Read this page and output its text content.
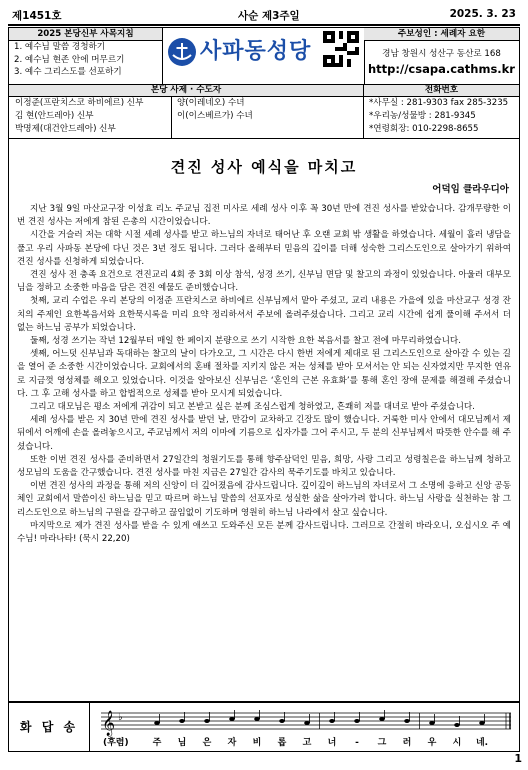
제1451호	사순 제3주일	2025. 3. 23
2025 본당신부 사목지침
1. 예수님 말씀 경청하기
2. 예수님 현존 안에 머무르기
3. 예수 그리스도를 선포하기
사파동성당
주보성인 : 세례자 요한
경남 창원시 성산구 동산로 168
http://csapa.cathms.kr
본당 사제 · 수도자	전화번호
이정준(프란치스코 하비에르) 신부
김 현(안드레아) 신부
박명제(대건안드레아) 신부
양(이레네오) 수녀
이(이스베르가) 수녀
*사무실 : 281-9303 fax 285-3235
*우리농/성물방 : 281-9345
*연령회장: 010-2298-8655
견진 성사 예식을 마치고
어덕임 클라우디아

지난 3월 9일 마산교구장 이성효 리노 주교님 집전 미사로 세례 성사 이후 꼭 30년 만에 견진 성사를 받았습니다. 감개무량한 이번 견진 성사는 저에게 참된 은총의 시간이었습니다.

시간을 거슬러 저는 대학 시절 세례 성사를 받고 하느님의 자녀로 태어난 후 오랜 교회 밖 생활을 하였습니다. 세월이 흘러 냉담을 풀고 우리 사파동 본당에 다닌 것은 3년 정도 됩니다. 그러다 올해부터 믿음의 깊이를 더해 성숙한 그리스도인으로 살아가기 위하여 견진 성사를 신청하게 되었습니다.

견진 성사 전 충족 요건으로 견진교리 4회 중 3회 이상 참석, 성경 쓰기, 신부님 면담 및 찰고의 과정이 있었습니다. 아울러 대부모님을 정하고 소중한 마음을 담은 견진 예물도 준비했습니다.

첫째, 교리 수업은 우리 본당의 이정준 프란치스코 하비에르 신부님께서 맡아 주셨고, 교리 내용은 가을에 있을 마산교구 성경 잔치의 주제인 요한복음서와 요한묵시록을 미리 요약 정리하셔서 주보에 올려주셨습니다. 그리고 교리 시간에 쉽게 풀이해 주셔서 더 없는 하느님 공부가 되었습니다.

둘째, 성경 쓰기는 작년 12월부터 매일 한 페이지 분량으로 쓰기 시작한 요한 복음서를 찰고 전에 마무리하였습니다.

셋째, 어느덧 신부님과 독대하는 찰고의 날이 다가오고, 그 시간은 다시 한번 저에게 제대로 된 그리스도인으로 살아갈 수 있는 길을 열어 준 소중한 시간이었습니다. 교회에서의 혼배 절차를 지키지 않은 저는 성체를 받아 모셔서는 안 되는 신자였지만 무지한 연유로 지금껏 영성체를 해오고 있었습니다. 이것을 알아보신 신부님은 ‘혼인의 근본 유효화’를 통해 혼인 장애 문제를 해결해 주셨습니다. 그 후 고해 성사를 하고 합법적으로 성체를 받아 모시게 되었습니다.

그리고 대모님은 평소 저에게 귀감이 되고 본받고 싶은 분께 조심스럽게 청하였고, 흔쾌히 저를 대녀로 받아 주셨습니다.

세례 성사를 받은 지 30년 만에 견진 성사를 받던 날, 만감이 교차하고 긴장도 많이 했습니다. 거룩한 미사 안에서 대모님께서 제 뒤에서 어깨에 손을 올려놓으시고, 주교님께서 저의 이마에 기름으로 십자가를 그어 주시고, 두 분의 신부님께서 따뜻한 안수를 해 주셨습니다.

또한 이번 견진 성사를 준비하면서 27일간의 청원기도를 통해 향주삼덕인 믿음, 희망, 사랑 그리고 성령칠은을 하느님께 청하고 성모님의 도움을 간구했습니다. 견진 성사를 마친 지금은 27일간 감사의 묵주기도를 바치고 있습니다.

이번 견진 성사의 과정을 통해 저의 신앙이 더 깊어졌음에 감사드립니다. 깊이깊이 하느님의 자녀로서 그 소명에 응하고 신앙 공동체인 교회에서 말씀이신 하느님을 믿고 따르며 하느님 말씀의 선포자로 성실한 삶을 살아가려 합니다. 하느님 사랑을 실천하는 참 그리스도인으로 하느님의 구원을 갈구하고 끊임없이 기도하며 영원히 하느님 나라에서 살고 싶습니다.

마지막으로 제가 견진 성사를 받을 수 있게 애쓰고 도와주신 모든 분께 감사드립니다. 그러므로 간절히 바라오니, 오십시오 주 예수님! 마라나타! (묵시 22,20)

화 답 송	𝄞 ♭
(후렴)	주 님 은 자 비 롭 고 너 - 그 러 우 시 네.
1
